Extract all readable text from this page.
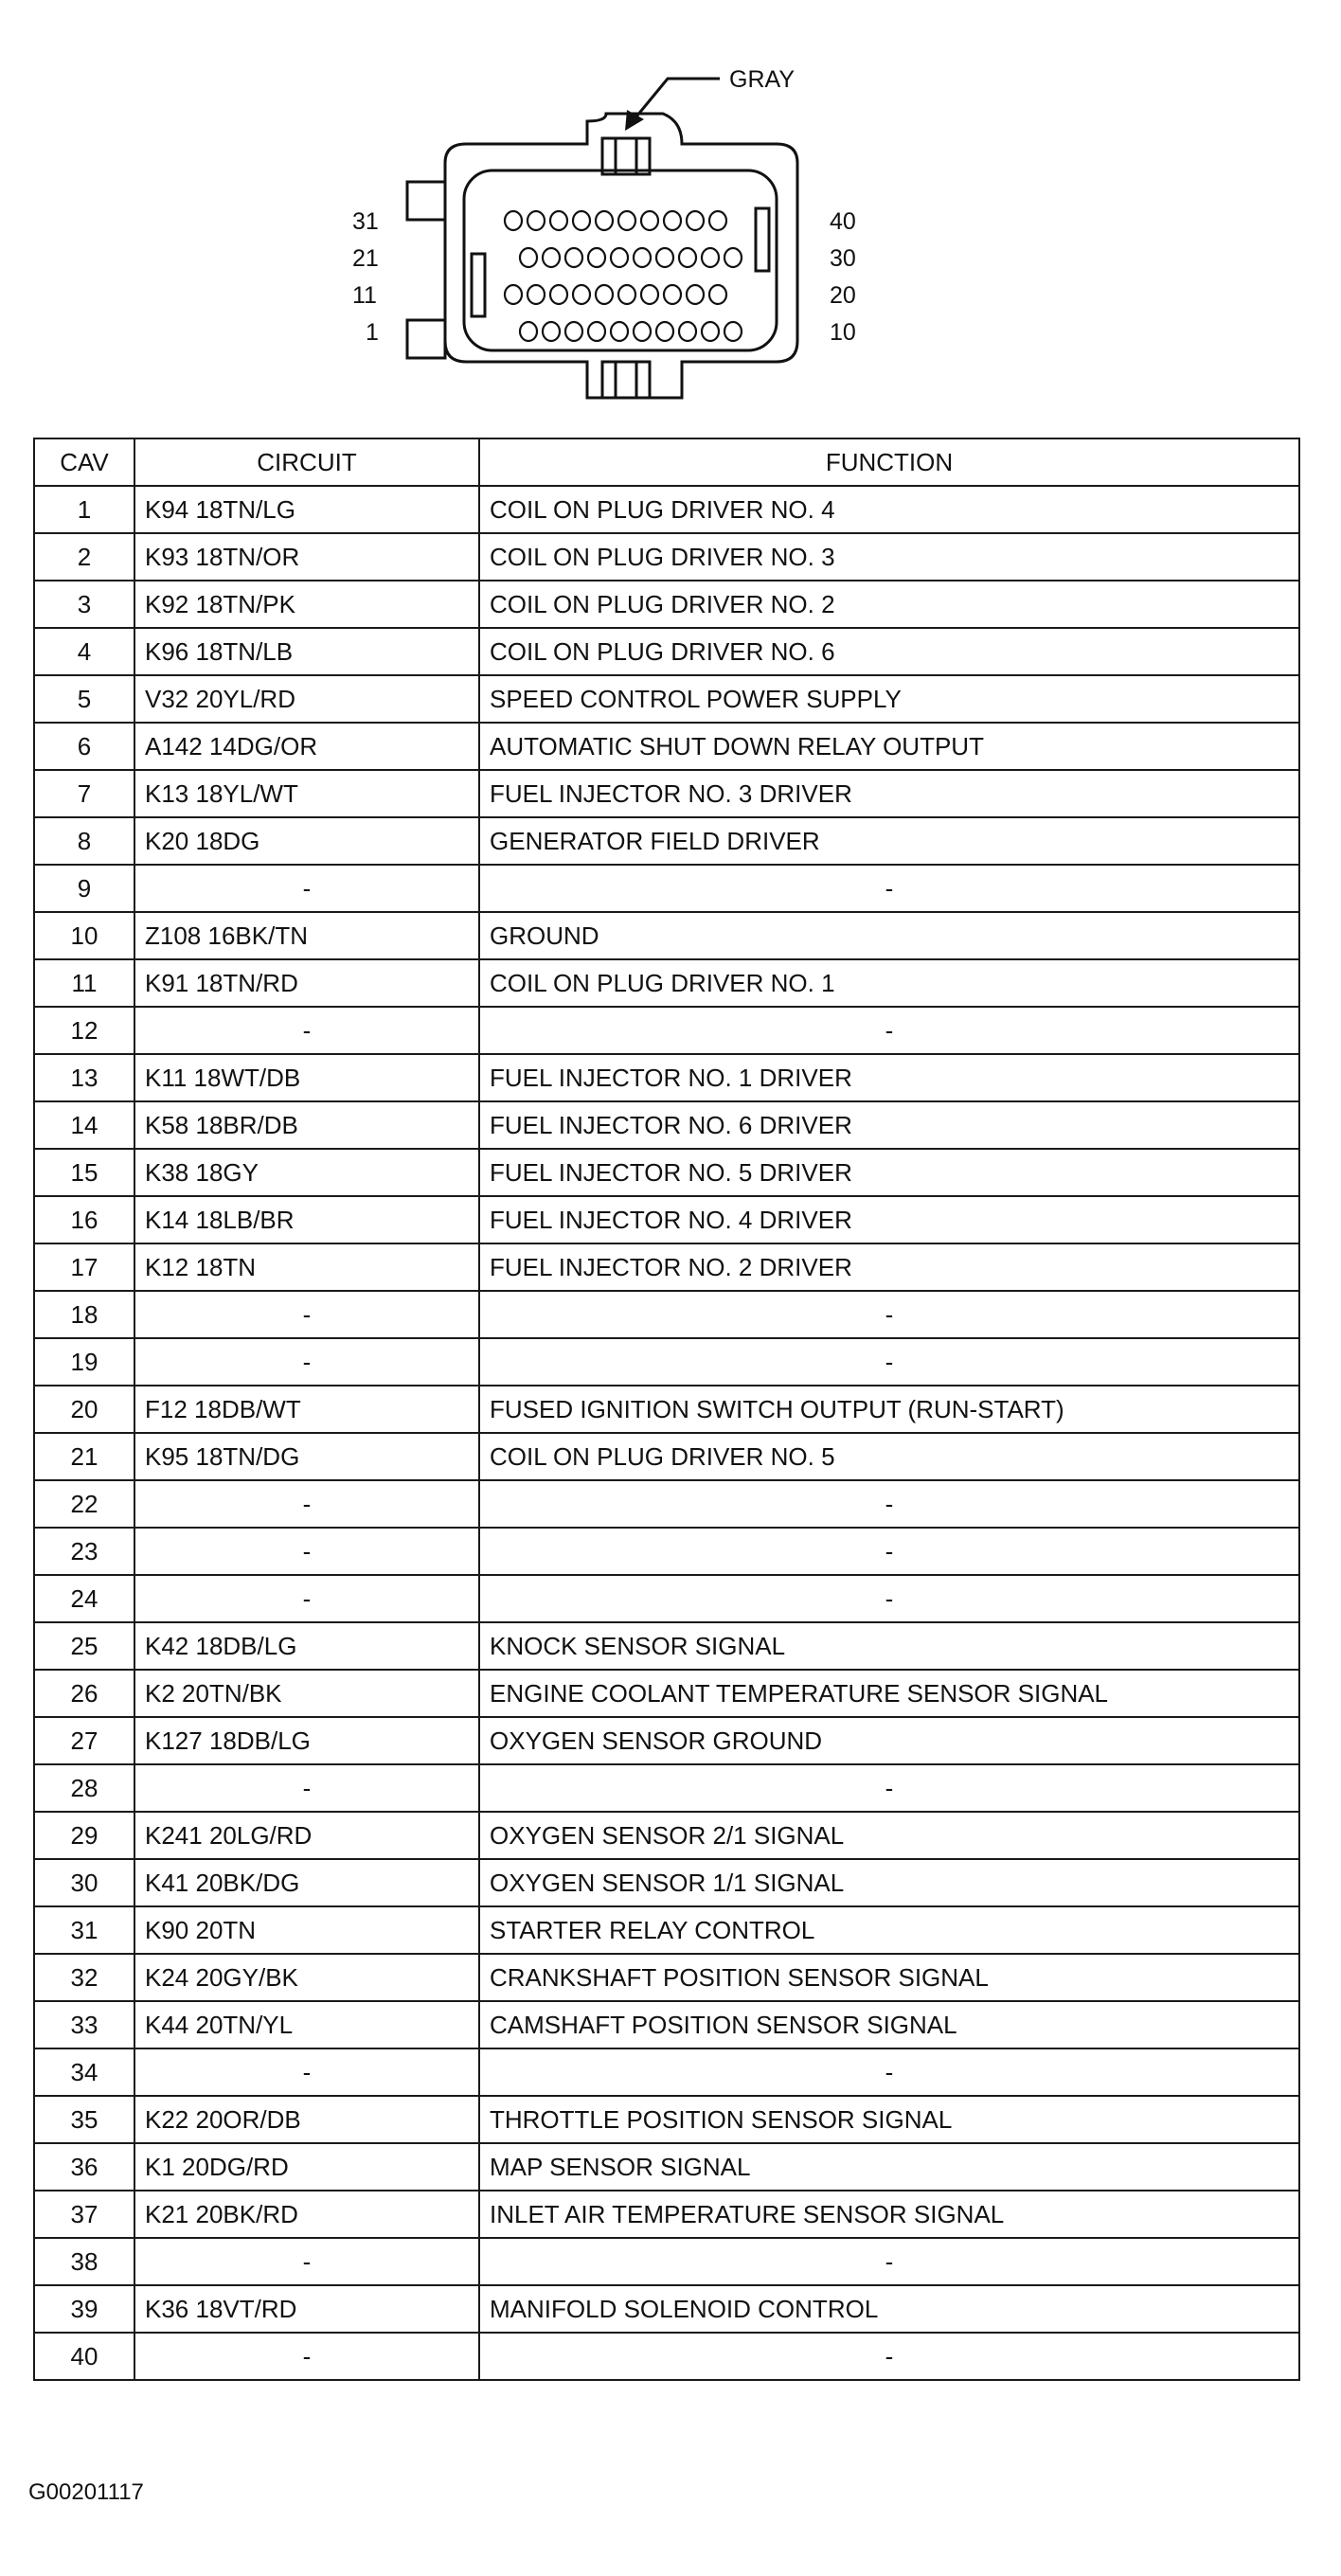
GRAY
31
21
11
1
40
30
20
10
CAV	CIRCUIT	FUNCTION
1	K94 18TN/LG	COIL ON PLUG DRIVER NO. 4
2	K93 18TN/OR	COIL ON PLUG DRIVER NO. 3
3	K92 18TN/PK	COIL ON PLUG DRIVER NO. 2
4	K96 18TN/LB	COIL ON PLUG DRIVER NO. 6
5	V32 20YL/RD	SPEED CONTROL POWER SUPPLY
6	A142 14DG/OR	AUTOMATIC SHUT DOWN RELAY OUTPUT
7	K13 18YL/WT	FUEL INJECTOR NO. 3 DRIVER
8	K20 18DG	GENERATOR FIELD DRIVER
9	-	-
10	Z108 16BK/TN	GROUND
11	K91 18TN/RD	COIL ON PLUG DRIVER NO. 1
12	-	-
13	K11 18WT/DB	FUEL INJECTOR NO. 1 DRIVER
14	K58 18BR/DB	FUEL INJECTOR NO. 6 DRIVER
15	K38 18GY	FUEL INJECTOR NO. 5 DRIVER
16	K14 18LB/BR	FUEL INJECTOR NO. 4 DRIVER
17	K12 18TN	FUEL INJECTOR NO. 2 DRIVER
18	-	-
19	-	-
20	F12 18DB/WT	FUSED IGNITION SWITCH OUTPUT (RUN-START)
21	K95 18TN/DG	COIL ON PLUG DRIVER NO. 5
22	-	-
23	-	-
24	-	-
25	K42 18DB/LG	KNOCK SENSOR SIGNAL
26	K2 20TN/BK	ENGINE COOLANT TEMPERATURE SENSOR SIGNAL
27	K127 18DB/LG	OXYGEN SENSOR GROUND
28	-	-
29	K241 20LG/RD	OXYGEN SENSOR 2/1 SIGNAL
30	K41 20BK/DG	OXYGEN SENSOR 1/1 SIGNAL
31	K90 20TN	STARTER RELAY CONTROL
32	K24 20GY/BK	CRANKSHAFT POSITION SENSOR SIGNAL
33	K44 20TN/YL	CAMSHAFT POSITION SENSOR SIGNAL
34	-	-
35	K22 20OR/DB	THROTTLE POSITION SENSOR SIGNAL
36	K1 20DG/RD	MAP SENSOR SIGNAL
37	K21 20BK/RD	INLET AIR TEMPERATURE SENSOR SIGNAL
38	-	-
39	K36 18VT/RD	MANIFOLD SOLENOID CONTROL
40	-	-
G00201117
